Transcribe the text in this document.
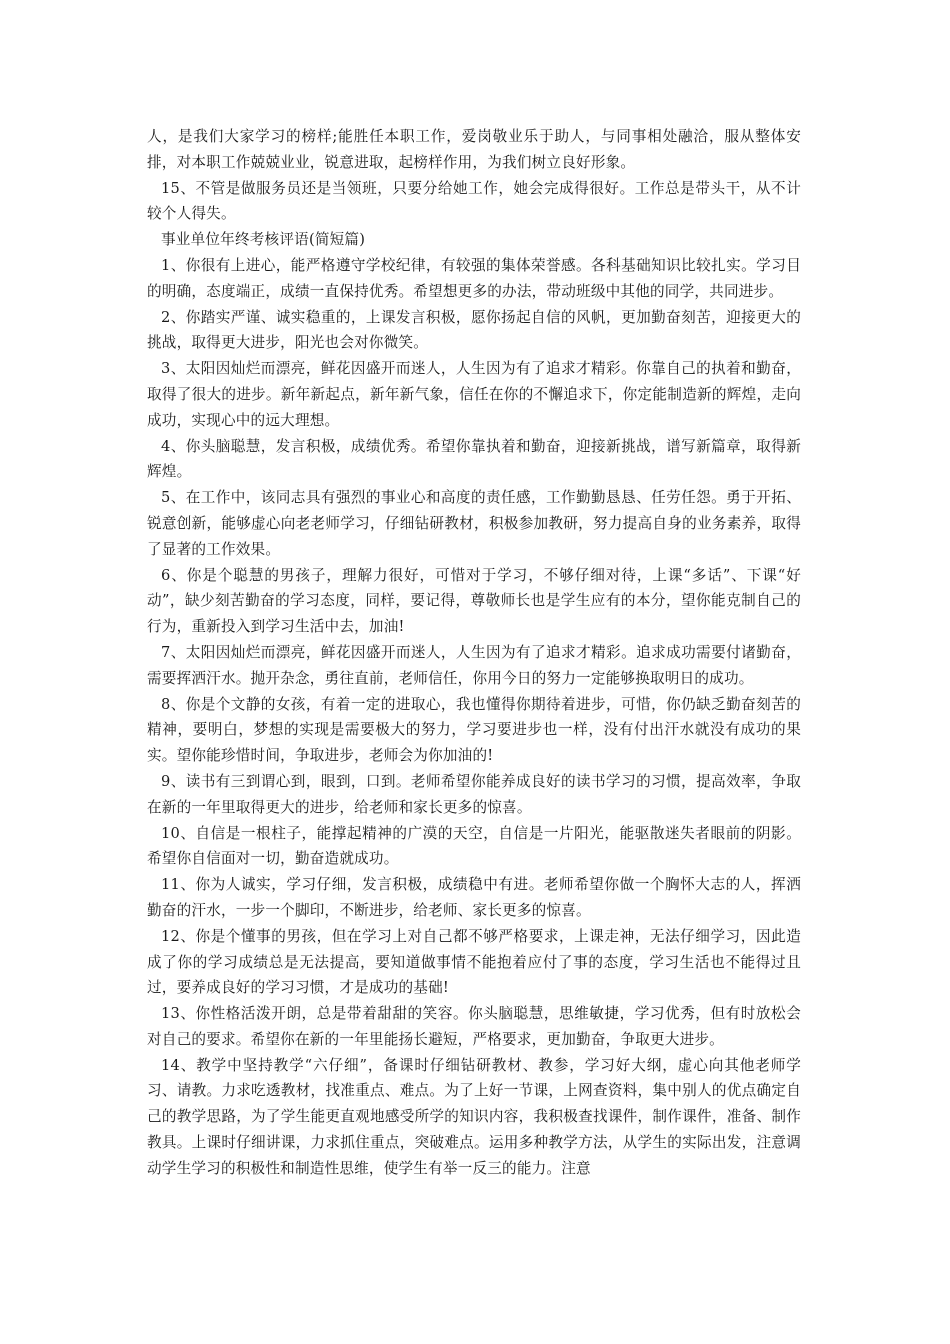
人，是我们大家学习的榜样;能胜任本职工作，爱岗敬业乐于助人，与同事相处融洽，服从整体安排，对本职工作兢兢业业，锐意进取，起榜样作用，为我们树立良好形象。

15、不管是做服务员还是当领班，只要分给她工作，她会完成得很好。工作总是带头干，从不计较个人得失。

事业单位年终考核评语(简短篇)

1、你很有上进心，能严格遵守学校纪律，有较强的集体荣誉感。各科基础知识比较扎实。学习目的明确，态度端正，成绩一直保持优秀。希望想更多的办法，带动班级中其他的同学，共同进步。

2、你踏实严谨、诚实稳重的，上课发言积极，愿你扬起自信的风帆，更加勤奋刻苦，迎接更大的挑战，取得更大进步，阳光也会对你微笑。

3、太阳因灿烂而漂亮，鲜花因盛开而迷人，人生因为有了追求才精彩。你靠自己的执着和勤奋，取得了很大的进步。新年新起点，新年新气象，信任在你的不懈追求下，你定能制造新的辉煌，走向成功，实现心中的远大理想。

4、你头脑聪慧，发言积极，成绩优秀。希望你靠执着和勤奋，迎接新挑战，谱写新篇章，取得新辉煌。

5、在工作中，该同志具有强烈的事业心和高度的责任感，工作勤勤恳恳、任劳任怨。勇于开拓、锐意创新，能够虚心向老老师学习，仔细钻研教材，积极参加教研，努力提高自身的业务素养，取得了显著的工作效果。

6、你是个聪慧的男孩子，理解力很好，可惜对于学习，不够仔细对待，上课“多话”、下课“好动”，缺少刻苦勤奋的学习态度，同样，要记得，尊敬师长也是学生应有的本分，望你能克制自己的行为，重新投入到学习生活中去，加油!

7、太阳因灿烂而漂亮，鲜花因盛开而迷人，人生因为有了追求才精彩。追求成功需要付诸勤奋，需要挥洒汗水。抛开杂念，勇往直前，老师信任，你用今日的努力一定能够换取明日的成功。

8、你是个文静的女孩，有着一定的进取心，我也懂得你期待着进步，可惜，你仍缺乏勤奋刻苦的精神，要明白，梦想的实现是需要极大的努力，学习要进步也一样，没有付出汗水就没有成功的果实。望你能珍惜时间，争取进步，老师会为你加油的!

9、读书有三到谓心到，眼到，口到。老师希望你能养成良好的读书学习的习惯，提高效率，争取在新的一年里取得更大的进步，给老师和家长更多的惊喜。

10、自信是一根柱子，能撑起精神的广漠的天空，自信是一片阳光，能驱散迷失者眼前的阴影。希望你自信面对一切，勤奋造就成功。

11、你为人诚实，学习仔细，发言积极，成绩稳中有进。老师希望你做一个胸怀大志的人，挥洒勤奋的汗水，一步一个脚印，不断进步，给老师、家长更多的惊喜。

12、你是个懂事的男孩，但在学习上对自己都不够严格要求，上课走神，无法仔细学习，因此造成了你的学习成绩总是无法提高，要知道做事情不能抱着应付了事的态度，学习生活也不能得过且过，要养成良好的学习习惯，才是成功的基础!

13、你性格活泼开朗，总是带着甜甜的笑容。你头脑聪慧，思维敏捷，学习优秀，但有时放松会对自己的要求。希望你在新的一年里能扬长避短，严格要求，更加勤奋，争取更大进步。

14、教学中坚持教学“六仔细”，备课时仔细钻研教材、教参，学习好大纲，虚心向其他老师学习、请教。力求吃透教材，找准重点、难点。为了上好一节课，上网查资料，集中别人的优点确定自己的教学思路，为了学生能更直观地感受所学的知识内容，我积极查找课件，制作课件，准备、制作教具。上课时仔细讲课，力求抓住重点，突破难点。运用多种教学方法，从学生的实际出发，注意调动学生学习的积极性和制造性思维，使学生有举一反三的能力。注意
